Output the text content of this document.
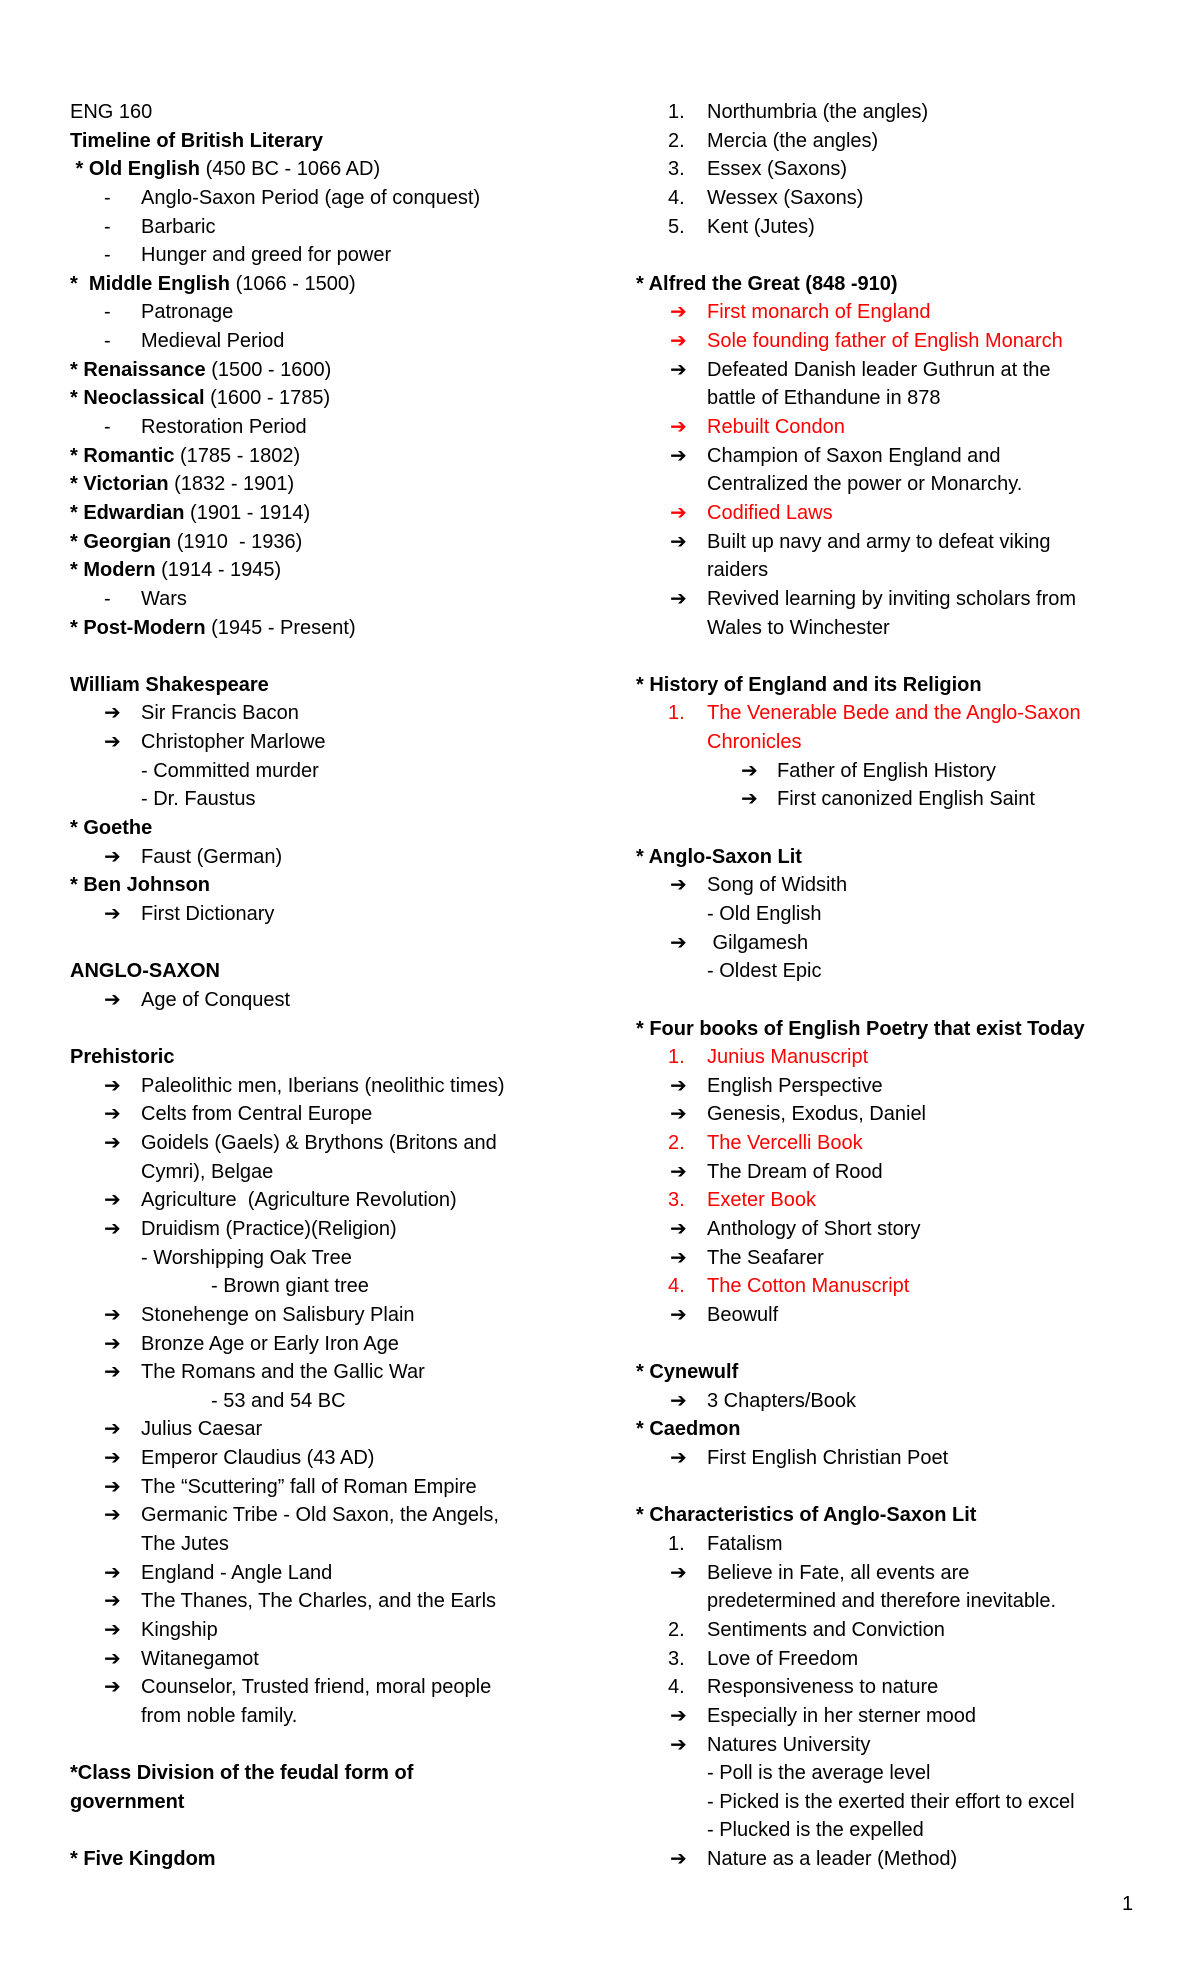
ENG 160
Timeline of British Literary
* Old English (450 BC - 1066 AD)
- Anglo-Saxon Period (age of conquest)
- Barbaric
- Hunger and greed for power
*  Middle English (1066 - 1500)
- Patronage
- Medieval Period
* Renaissance (1500 - 1600)
* Neoclassical (1600 - 1785)
- Restoration Period
* Romantic (1785 - 1802)
* Victorian (1832 - 1901)
* Edwardian (1901 - 1914)
* Georgian (1910  - 1936)
* Modern (1914 - 1945)
- Wars
* Post-Modern (1945 - Present)
William Shakespeare
➔ Sir Francis Bacon
➔ Christopher Marlowe
- Committed murder
- Dr. Faustus
* Goethe
➔ Faust (German)
* Ben Johnson
➔ First Dictionary
ANGLO-SAXON
➔ Age of Conquest
Prehistoric
➔ Paleolithic men, Iberians (neolithic times)
➔ Celts from Central Europe
➔ Goidels (Gaels) & Brythons (Britons and
Cymri), Belgae
➔ Agriculture  (Agriculture Revolution)
➔ Druidism (Practice)(Religion)
- Worshipping Oak Tree
- Brown giant tree
➔ Stonehenge on Salisbury Plain
➔ Bronze Age or Early Iron Age
➔ The Romans and the Gallic War
- 53 and 54 BC
➔ Julius Caesar
➔ Emperor Claudius (43 AD)
➔ The “Scuttering” fall of Roman Empire
➔ Germanic Tribe - Old Saxon, the Angels,
The Jutes
➔ England - Angle Land
➔ The Thanes, The Charles, and the Earls
➔ Kingship
➔ Witanegamot
➔ Counselor, Trusted friend, moral people
from noble family.
*Class Division of the feudal form of
government
* Five Kingdom
1. Northumbria (the angles)
2. Mercia (the angles)
3. Essex (Saxons)
4. Wessex (Saxons)
5. Kent (Jutes)
* Alfred the Great (848 -910)
➔ First monarch of England
➔ Sole founding father of English Monarch
➔ Defeated Danish leader Guthrun at the
battle of Ethandune in 878
➔ Rebuilt Condon
➔ Champion of Saxon England and
Centralized the power or Monarchy.
➔ Codified Laws
➔ Built up navy and army to defeat viking
raiders
➔ Revived learning by inviting scholars from
Wales to Winchester
* History of England and its Religion
1. The Venerable Bede and the Anglo-Saxon
Chronicles
➔ Father of English History
➔ First canonized English Saint
* Anglo-Saxon Lit
➔ Song of Widsith
- Old English
➔ Gilgamesh
- Oldest Epic
* Four books of English Poetry that exist Today
1. Junius Manuscript
➔ English Perspective
➔ Genesis, Exodus, Daniel
2. The Vercelli Book
➔ The Dream of Rood
3. Exeter Book
➔ Anthology of Short story
➔ The Seafarer
4. The Cotton Manuscript
➔ Beowulf
* Cynewulf
➔ 3 Chapters/Book
* Caedmon
➔ First English Christian Poet
* Characteristics of Anglo-Saxon Lit
1. Fatalism
➔ Believe in Fate, all events are
predetermined and therefore inevitable.
2. Sentiments and Conviction
3. Love of Freedom
4. Responsiveness to nature
➔ Especially in her sterner mood
➔ Natures University
- Poll is the average level
- Picked is the exerted their effort to excel
- Plucked is the expelled
➔ Nature as a leader (Method)
1
